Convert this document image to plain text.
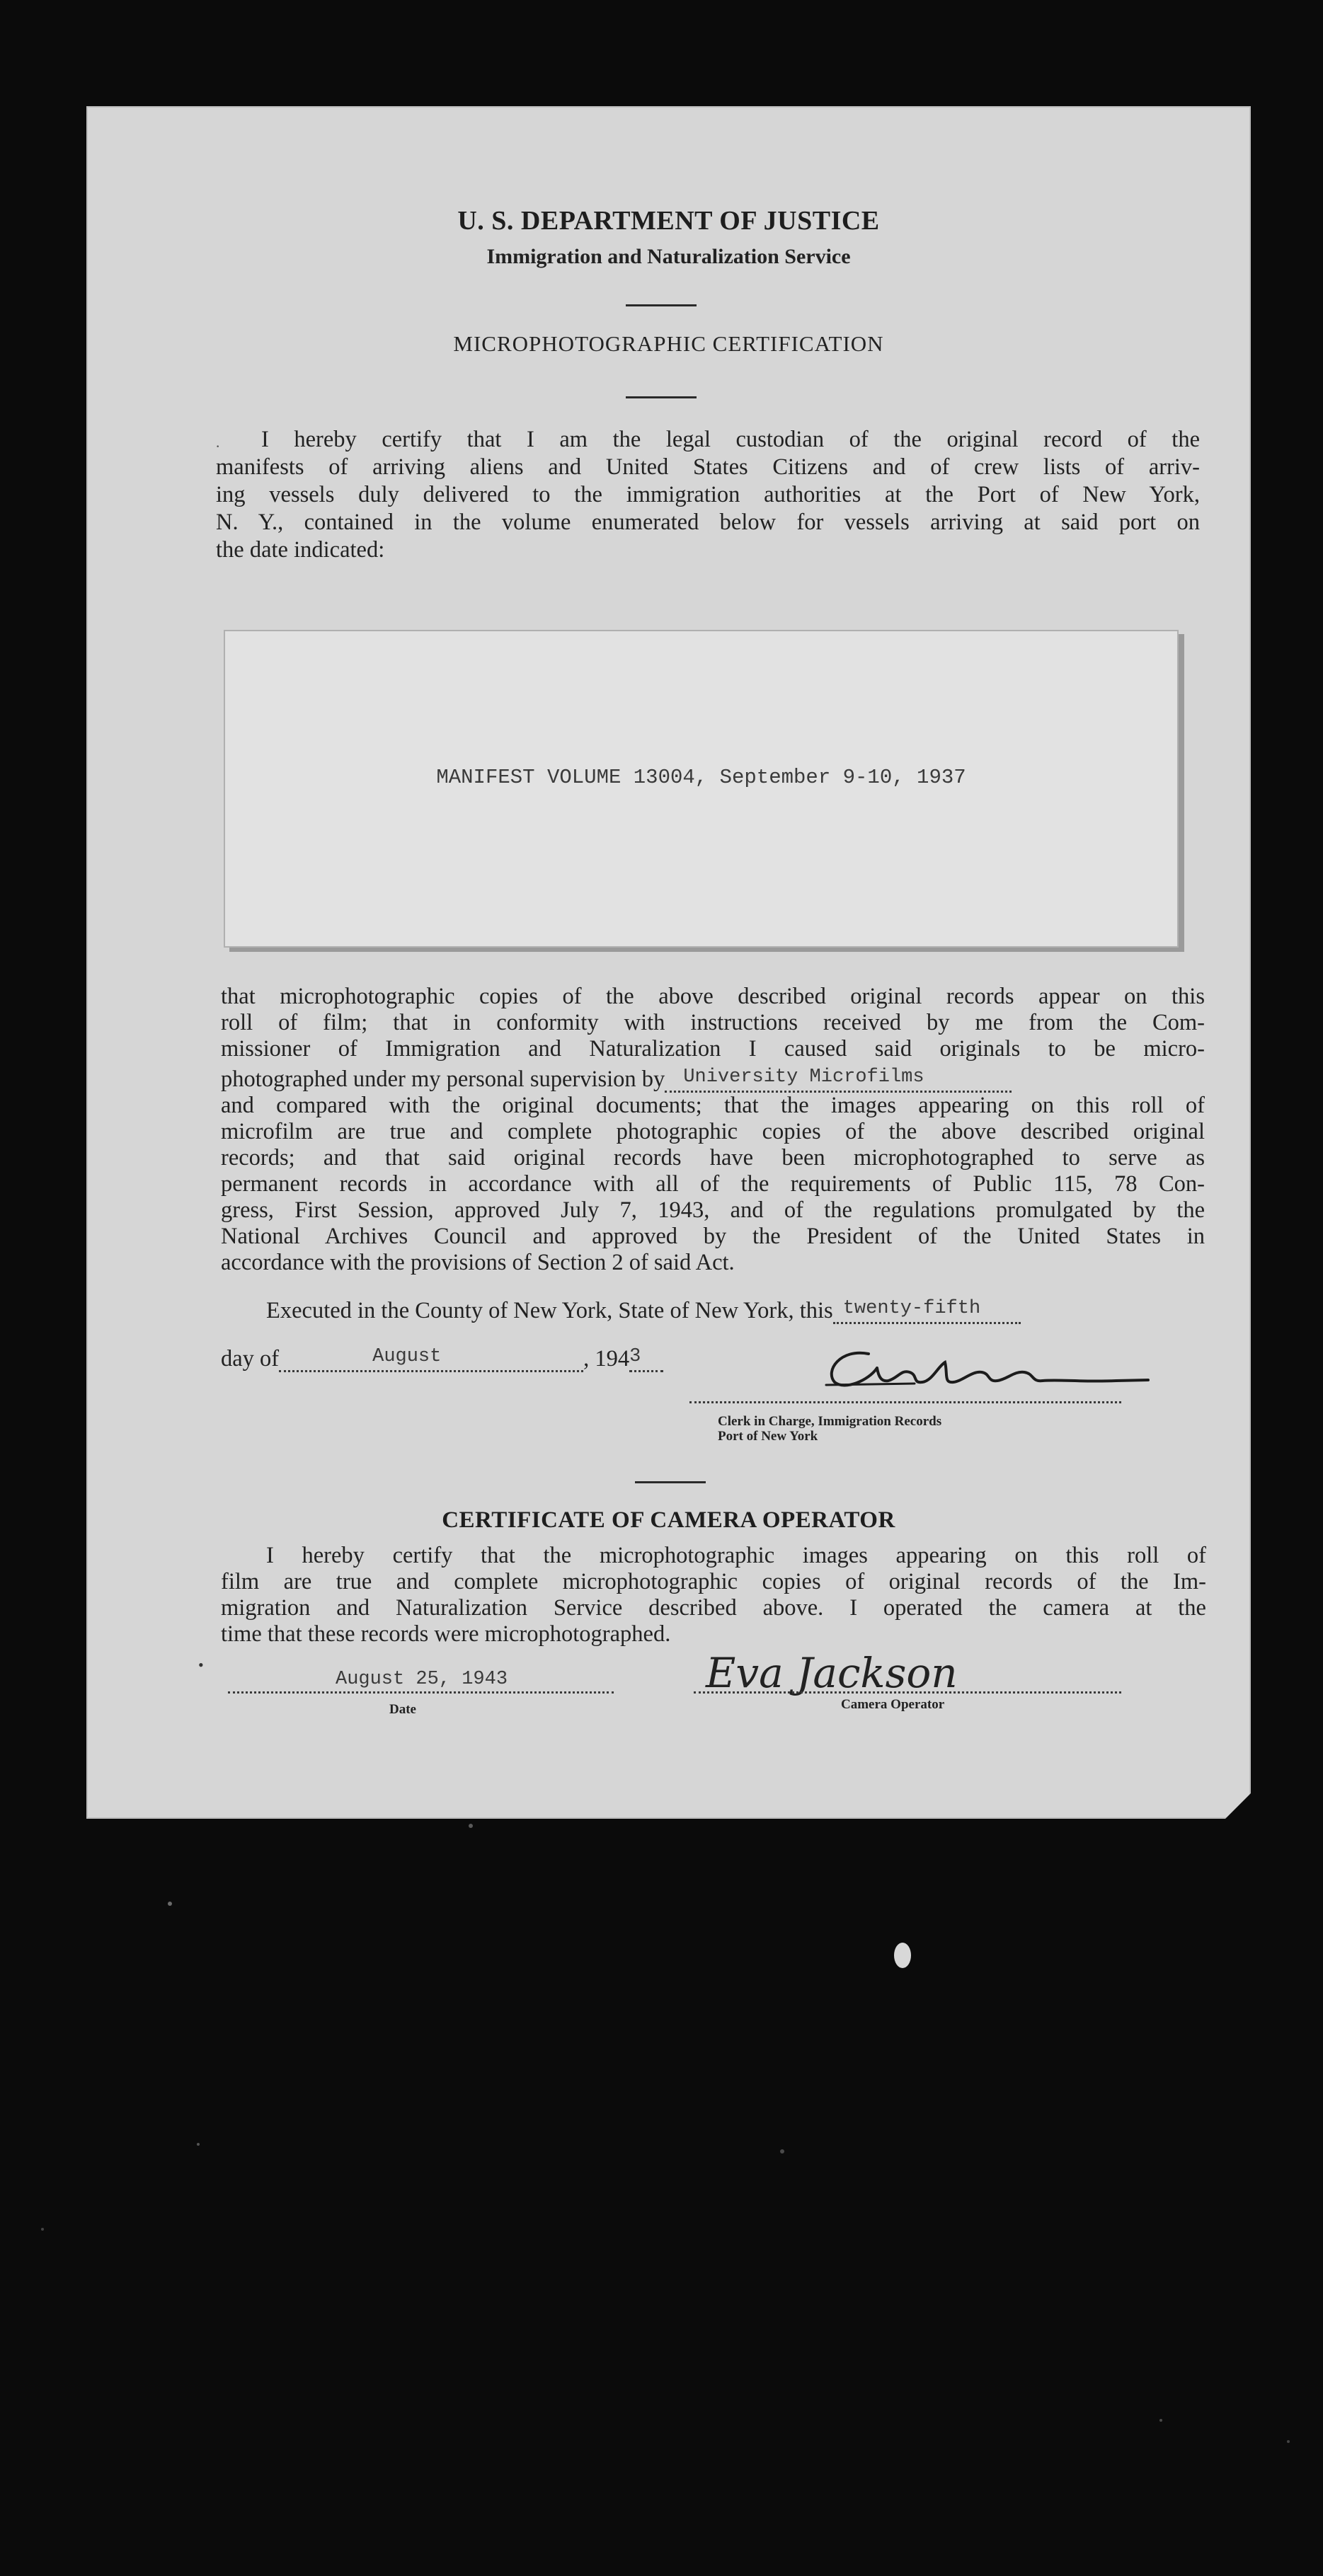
U. S. DEPARTMENT OF JUSTICE
Immigration and Naturalization Service
MICROPHOTOGRAPHIC CERTIFICATION
·	I hereby certify that I am the legal custodian of the original record of the
manifests of arriving aliens and United States Citizens and of crew lists of arriv-
ing vessels duly delivered to the immigration authorities at the Port of New York,
N. Y., contained in the volume enumerated below for vessels arriving at said port on
the date indicated:
MANIFEST VOLUME 13004, September 9-10, 1937
that microphotographic copies of the above described original records appear on this
roll of film; that in conformity with instructions received by me from the Com-
missioner of Immigration and Naturalization I caused said originals to be micro-
photographed under my personal supervision by University Microfilms
and compared with the original documents; that the images appearing on this roll of
microfilm are true and complete photographic copies of the above described original
records; and that said original records have been microphotographed to serve as
permanent records in accordance with all of the requirements of Public 115, 78 Con-
gress, First Session, approved July 7, 1943, and of the regulations promulgated by the
National Archives Council and approved by the President of the United States in
accordance with the provisions of Section 2 of said Act.
Executed in the County of New York, State of New York, this twenty-fifth
day of	August	, 194 3
Clerk in Charge, Immigration Records
Port of New York
CERTIFICATE OF CAMERA OPERATOR
I hereby certify that the microphotographic images appearing on this roll of
film are true and complete microphotographic copies of original records of the Im-
migration and Naturalization Service described above. I operated the camera at the
time that these records were microphotographed.
•
August 25, 1943
Date
Eva Jackson
Camera Operator
